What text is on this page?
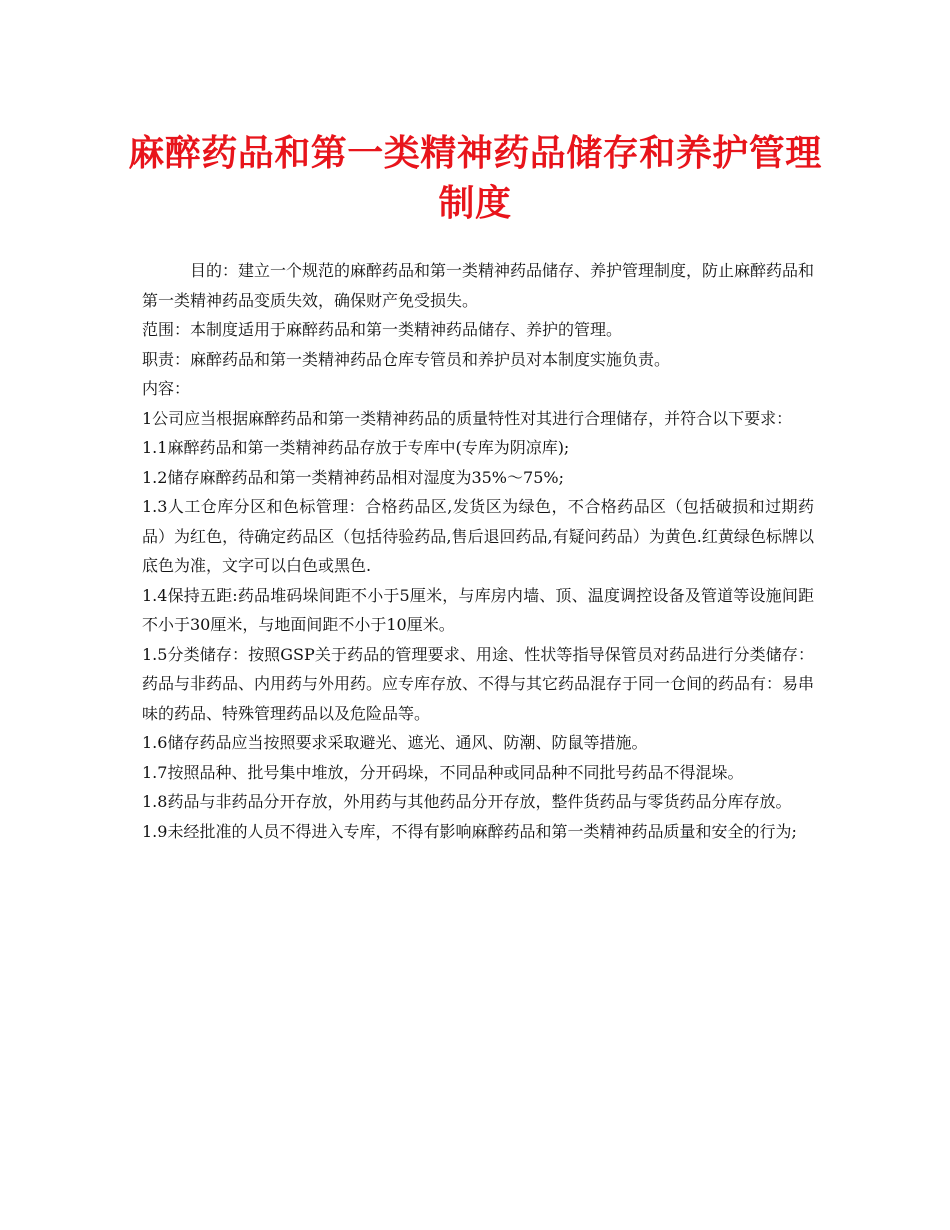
麻醉药品和第一类精神药品储存和养护管理
制度

目的：建立一个规范的麻醉药品和第一类精神药品储存、养护管理制度，防止麻醉药品和第一类精神药品变质失效，确保财产免受损失。

范围：本制度适用于麻醉药品和第一类精神药品储存、养护的管理。

职责：麻醉药品和第一类精神药品仓库专管员和养护员对本制度实施负责。

内容：

1公司应当根据麻醉药品和第一类精神药品的质量特性对其进行合理储存，并符合以下要求：

1.1麻醉药品和第一类精神药品存放于专库中(专库为阴凉库);

1.2储存麻醉药品和第一类精神药品相对湿度为35%～75%;

1.3人工仓库分区和色标管理：合格药品区,发货区为绿色，不合格药品区（包括破损和过期药品）为红色，待确定药品区（包括待验药品,售后退回药品,有疑问药品）为黄色.红黄绿色标牌以底色为准，文字可以白色或黑色.

1.4保持五距:药品堆码垛间距不小于5厘米，与库房内墙、顶、温度调控设备及管道等设施间距不小于30厘米，与地面间距不小于10厘米。

1.5分类储存：按照GSP关于药品的管理要求、用途、性状等指导保管员对药品进行分类储存：药品与非药品、内用药与外用药。应专库存放、不得与其它药品混存于同一仓间的药品有：易串味的药品、特殊管理药品以及危险品等。

1.6储存药品应当按照要求采取避光、遮光、通风、防潮、防鼠等措施。

1.7按照品种、批号集中堆放，分开码垛，不同品种或同品种不同批号药品不得混垛。

1.8药品与非药品分开存放，外用药与其他药品分开存放，整件货药品与零货药品分库存放。

1.9未经批准的人员不得进入专库，不得有影响麻醉药品和第一类精神药品质量和安全的行为;
